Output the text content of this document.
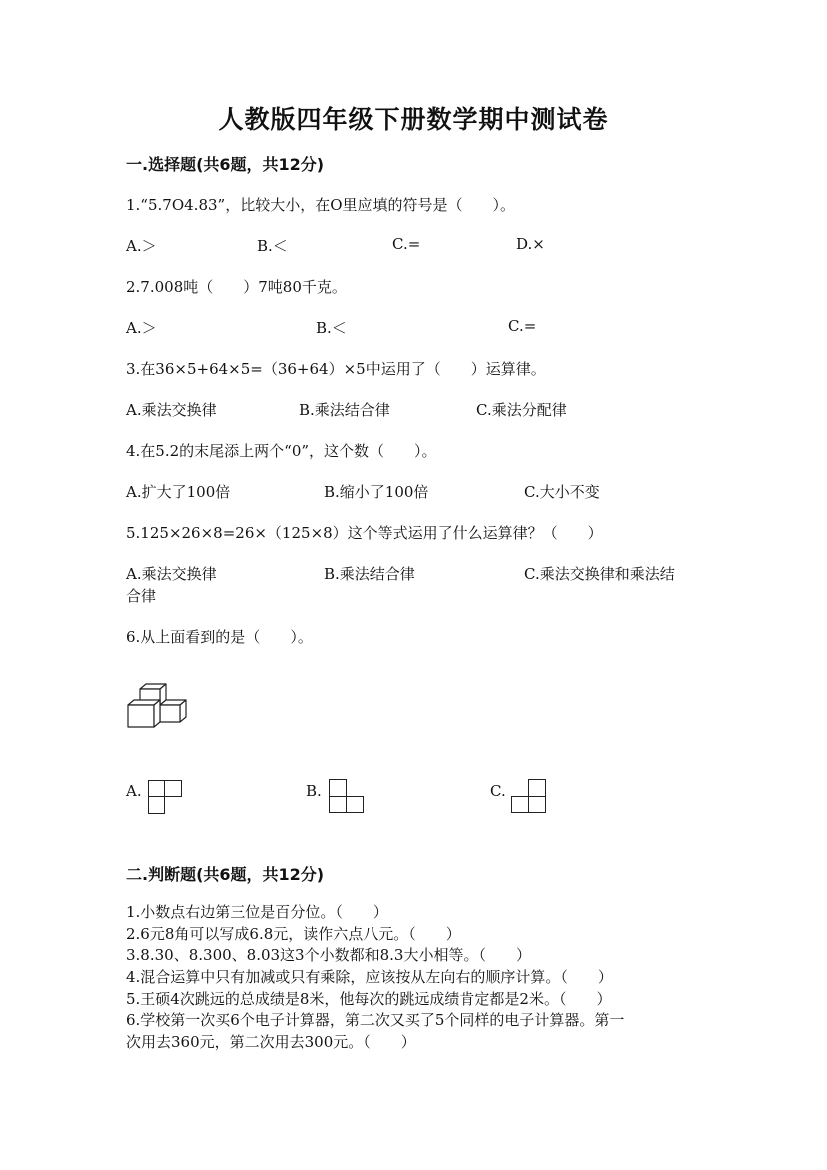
人教版四年级下册数学期中测试卷
一.选择题(共6题，共12分)
1.“5.7O4.83”，比较大小，在O里应填的符号是（　　）。
A.＞	B.＜	C.=	D.×
2.7.008吨（　　）7吨80千克。
A.＞	B.＜	C.=
3.在36×5+64×5=（36+64）×5中运用了（　　）运算律。
A.乘法交换律	B.乘法结合律	C.乘法分配律
4.在5.2的末尾添上两个“0”，这个数（　　）。
A.扩大了100倍	B.缩小了100倍	C.大小不变
5.125×26×8=26×（125×8）这个等式运用了什么运算律？（　　）
A.乘法交换律	B.乘法结合律	C.乘法交换律和乘法结
合律
6.从上面看到的是（　　）。
A.	B.	C.
二.判断题(共6题，共12分)
1.小数点右边第三位是百分位。（　　）
2.6元8角可以写成6.8元，读作六点八元。（　　）
3.8.30、8.300、8.03这3个小数都和8.3大小相等。（　　）
4.混合运算中只有加减或只有乘除，应该按从左向右的顺序计算。（　　）
5.王硕4次跳远的总成绩是8米，他每次的跳远成绩肯定都是2米。（　　）
6.学校第一次买6个电子计算器，第二次又买了5个同样的电子计算器。第一
次用去360元，第二次用去300元。（　　）
